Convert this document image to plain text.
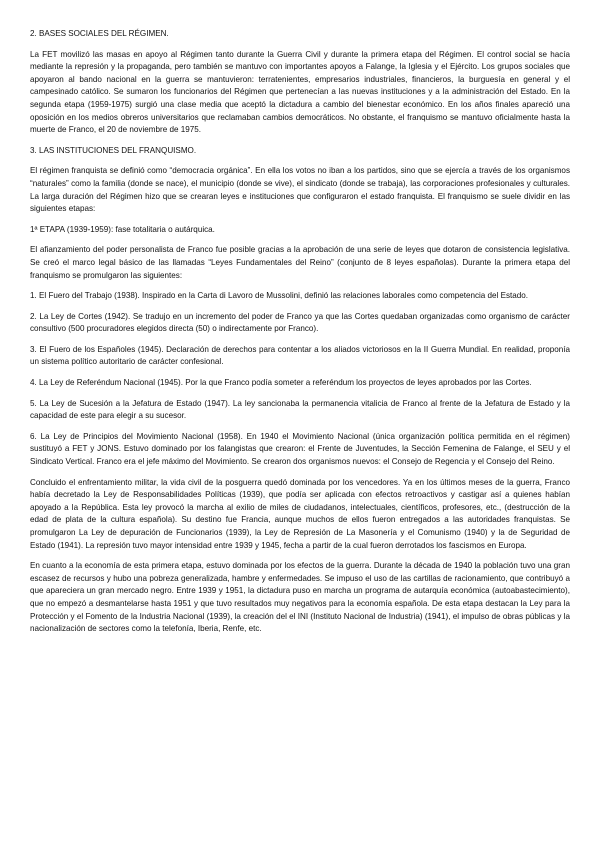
2. BASES SOCIALES DEL RÉGIMEN.

La FET movilizó las masas en apoyo al Régimen tanto durante la Guerra Civil y durante la primera etapa del Régimen. El control social se hacía mediante la represión y la propaganda, pero también se mantuvo con importantes apoyos a Falange, la Iglesia y el Ejército. Los grupos sociales que apoyaron al bando nacional en la guerra se mantuvieron: terratenientes, empresarios industriales, financieros, la burguesía en general y el campesinado católico. Se sumaron los funcionarios del Régimen que pertenecían a las nuevas instituciones y a la administración del Estado. En la segunda etapa (1959-1975) surgió una clase media que aceptó la dictadura a cambio del bienestar económico. En los años finales apareció una oposición en los medios obreros universitarios que reclamaban cambios democráticos. No obstante, el franquismo se mantuvo oficialmente hasta la muerte de Franco, el 20 de noviembre de 1975.

3. LAS INSTITUCIONES DEL FRANQUISMO.

El régimen franquista se definió como “democracia orgánica”. En ella los votos no iban a los partidos, sino que se ejercía a través de los organismos “naturales” como la familia (donde se nace), el municipio (donde se vive), el sindicato (donde se trabaja), las corporaciones profesionales y culturales. La larga duración del Régimen hizo que se crearan leyes e instituciones que configuraron el estado franquista. El franquismo se suele dividir en las siguientes etapas:

1ª ETAPA (1939-1959): fase totalitaria o autárquica.

El afianzamiento del poder personalista de Franco fue posible gracias a la aprobación de una serie de leyes que dotaron de consistencia legislativa. Se creó el marco legal básico de las llamadas “Leyes Fundamentales del Reino” (conjunto de 8 leyes españolas). Durante la primera etapa del franquismo se promulgaron las siguientes:

1. El Fuero del Trabajo (1938). Inspirado en la Carta di Lavoro de Mussolini, definió las relaciones laborales como competencia del Estado.

2. La Ley de Cortes (1942). Se tradujo en un incremento del poder de Franco ya que las Cortes quedaban organizadas como organismo de carácter consultivo (500 procuradores elegidos directa (50) o indirectamente por Franco).

3. El Fuero de los Españoles (1945). Declaración de derechos para contentar a los aliados victoriosos en la II Guerra Mundial. En realidad, proponía un sistema político autoritario de carácter confesional.

4. La Ley de Referéndum Nacional (1945). Por la que Franco podía someter a referéndum los proyectos de leyes aprobados por las Cortes.

5. La Ley de Sucesión a la Jefatura de Estado (1947). La ley sancionaba la permanencia vitalicia de Franco al frente de la Jefatura de Estado y la capacidad de este para elegir a su sucesor.

6. La Ley de Principios del Movimiento Nacional (1958). En 1940 el Movimiento Nacional (única organización política permitida en el régimen) sustituyó a FET y JONS. Estuvo dominado por los falangistas que crearon: el Frente de Juventudes, la Sección Femenina de Falange, el SEU y el Sindicato Vertical. Franco era el jefe máximo del Movimiento. Se crearon dos organismos nuevos: el Consejo de Regencia y el Consejo del Reino.

Concluido el enfrentamiento militar, la vida civil de la posguerra quedó dominada por los vencedores. Ya en los últimos meses de la guerra, Franco había decretado la Ley de Responsabilidades Políticas (1939), que podía ser aplicada con efectos retroactivos y castigar así a quienes habían apoyado a la República. Esta ley provocó la marcha al exilio de miles de ciudadanos, intelectuales, científicos, profesores, etc., (destrucción de la edad de plata de la cultura española). Su destino fue Francia, aunque muchos de ellos fueron entregados a las autoridades franquistas. Se promulgaron La Ley de depuración de Funcionarios (1939), la Ley de Represión de La Masonería y el Comunismo (1940) y la de Seguridad de Estado (1941). La represión tuvo mayor intensidad entre 1939 y 1945, fecha a partir de la cual fueron derrotados los fascismos en Europa.

En cuanto a la economía de esta primera etapa, estuvo dominada por los efectos de la guerra. Durante la década de 1940 la población tuvo una gran escasez de recursos y hubo una pobreza generalizada, hambre y enfermedades. Se impuso el uso de las cartillas de racionamiento, que contribuyó a que apareciera un gran mercado negro. Entre 1939 y 1951, la dictadura puso en marcha un programa de autarquía económica (autoabastecimiento), que no empezó a desmantelarse hasta 1951 y que tuvo resultados muy negativos para la economía española. De esta etapa destacan la Ley para la Protección y el Fomento de la Industria Nacional (1939), la creación del el INI (Instituto Nacional de Industria) (1941), el impulso de obras públicas y la nacionalización de sectores como la telefonía, Iberia, Renfe, etc.
